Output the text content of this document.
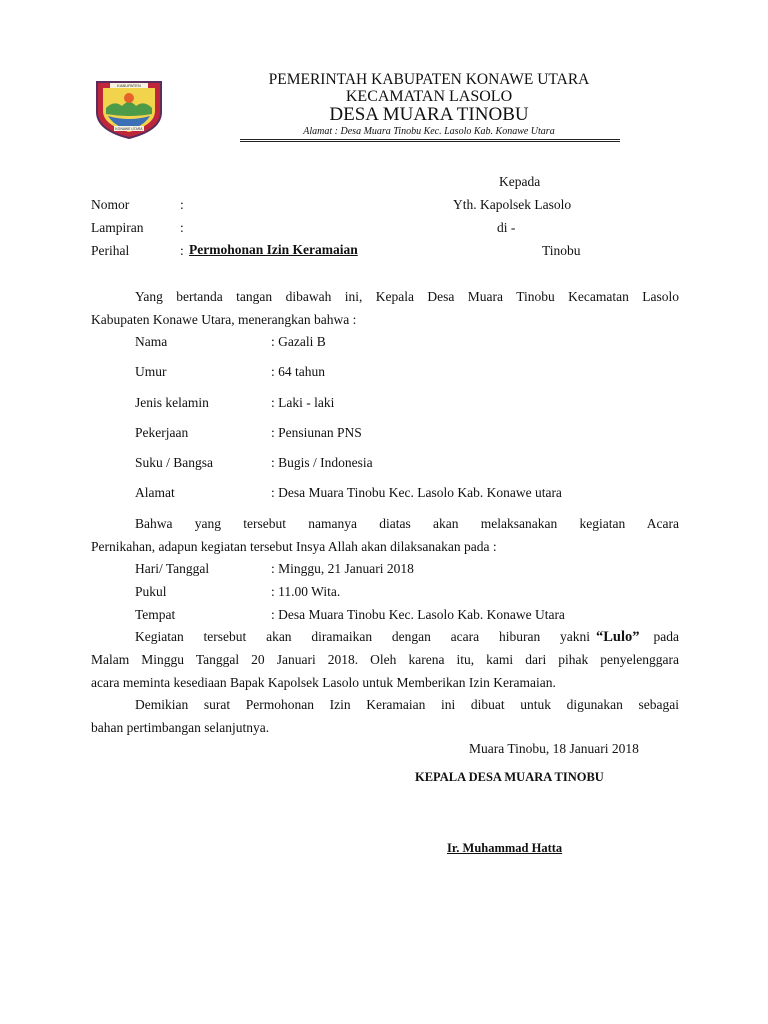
KABUPATEN
KONAWE UTARA
PEMERINTAH KABUPATEN KONAWE UTARA
KECAMATAN LASOLO
DESA MUARA TINOBU
Alamat : Desa Muara Tinobu Kec. Lasolo Kab. Konawe Utara
Kepada
Yth. Kapolsek Lasolo
di -
Tinobu
Nomor	:
Lampiran	:
Perihal	: Permohonan Izin Keramaian
Yang bertanda tangan dibawah ini, Kepala Desa Muara Tinobu Kecamatan Lasolo
Kabupaten Konawe Utara, menerangkan bahwa :
Nama	: Gazali B
Umur	: 64 tahun
Jenis kelamin	: Laki - laki
Pekerjaan	: Pensiunan PNS
Suku / Bangsa	: Bugis / Indonesia
Alamat	: Desa Muara Tinobu Kec. Lasolo Kab. Konawe utara
Bahwa yang tersebut namanya diatas akan melaksanakan kegiatan Acara
Pernikahan, adapun kegiatan tersebut Insya Allah akan dilaksanakan pada :
Hari/ Tanggal	: Minggu, 21 Januari 2018
Pukul	: 11.00 Wita.
Tempat	: Desa Muara Tinobu Kec. Lasolo Kab. Konawe Utara
Kegiatan tersebut akan diramaikan dengan acara hiburan yakni “Lulo”	pada
Malam Minggu Tanggal 20 Januari 2018. Oleh karena itu, kami dari pihak penyelenggara
acara meminta kesediaan Bapak Kapolsek Lasolo untuk Memberikan Izin Keramaian.
Demikian surat Permohonan Izin Keramaian ini dibuat untuk digunakan sebagai
bahan pertimbangan selanjutnya.
Muara Tinobu, 18 Januari 2018
KEPALA DESA MUARA TINOBU
Ir. Muhammad Hatta
